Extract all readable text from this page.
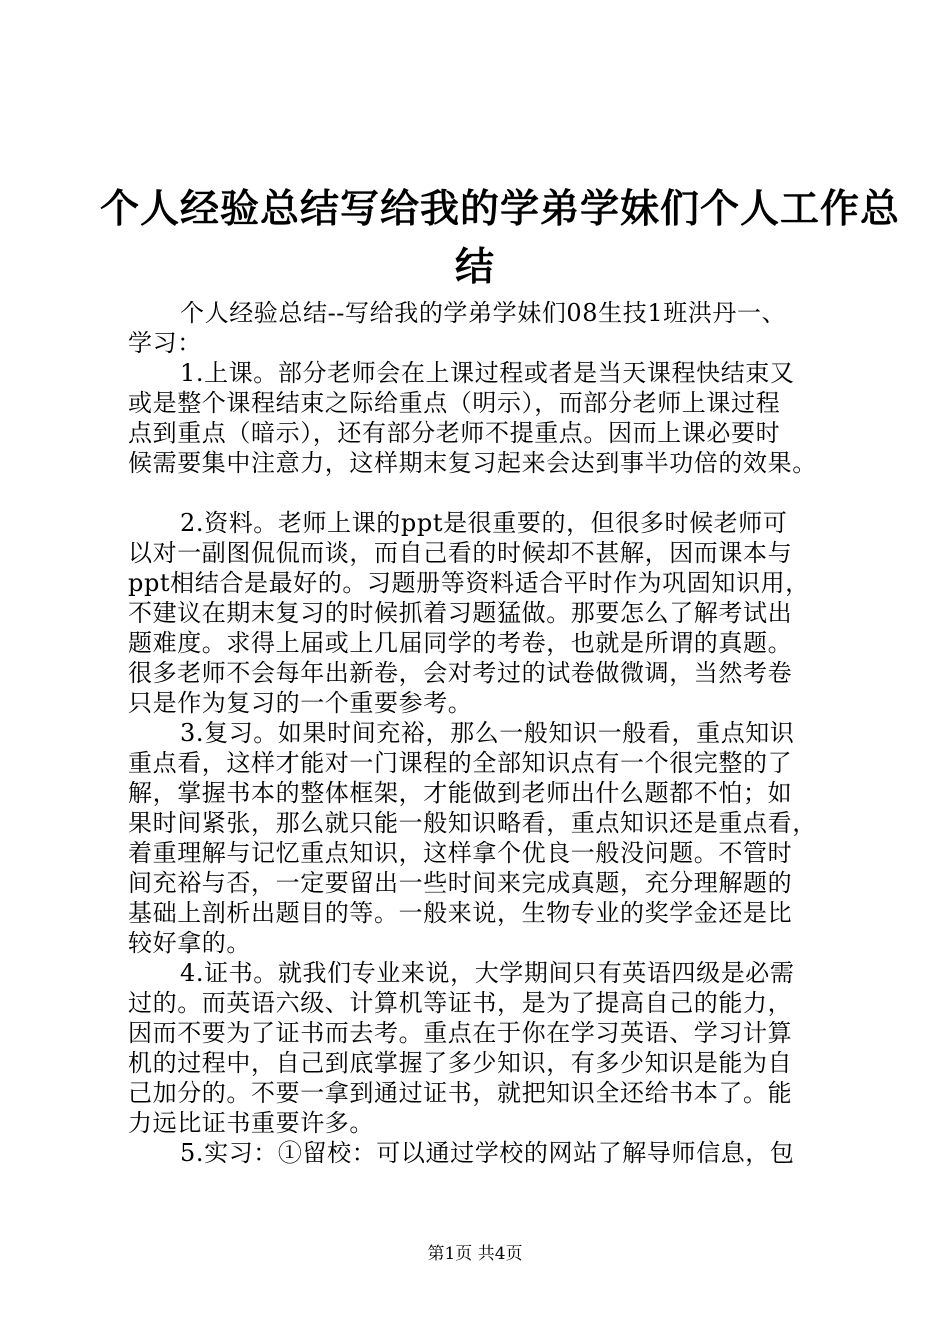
个人经验总结写给我的学弟学妹们个人工作总
结
个人经验总结--写给我的学弟学妹们08生技1班洪丹一、
学习：
1.上课。部分老师会在上课过程或者是当天课程快结束又
或是整个课程结束之际给重点（明示），而部分老师上课过程
点到重点（暗示），还有部分老师不提重点。因而上课必要时
候需要集中注意力，这样期末复习起来会达到事半功倍的效果。
2.资料。老师上课的ppt是很重要的，但很多时候老师可
以对一副图侃侃而谈，而自己看的时候却不甚解，因而课本与
ppt相结合是最好的。习题册等资料适合平时作为巩固知识用，
不建议在期末复习的时候抓着习题猛做。那要怎么了解考试出
题难度。求得上届或上几届同学的考卷，也就是所谓的真题。
很多老师不会每年出新卷，会对考过的试卷做微调，当然考卷
只是作为复习的一个重要参考。
3.复习。如果时间充裕，那么一般知识一般看，重点知识
重点看，这样才能对一门课程的全部知识点有一个很完整的了
解，掌握书本的整体框架，才能做到老师出什么题都不怕；如
果时间紧张，那么就只能一般知识略看，重点知识还是重点看，
着重理解与记忆重点知识，这样拿个优良一般没问题。不管时
间充裕与否，一定要留出一些时间来完成真题，充分理解题的
基础上剖析出题目的等。一般来说，生物专业的奖学金还是比
较好拿的。
4.证书。就我们专业来说，大学期间只有英语四级是必需
过的。而英语六级、计算机等证书，是为了提高自己的能力，
因而不要为了证书而去考。重点在于你在学习英语、学习计算
机的过程中，自己到底掌握了多少知识，有多少知识是能为自
己加分的。不要一拿到通过证书，就把知识全还给书本了。能
力远比证书重要许多。
5.实习：①留校：可以通过学校的网站了解导师信息，包
第1页 共4页
